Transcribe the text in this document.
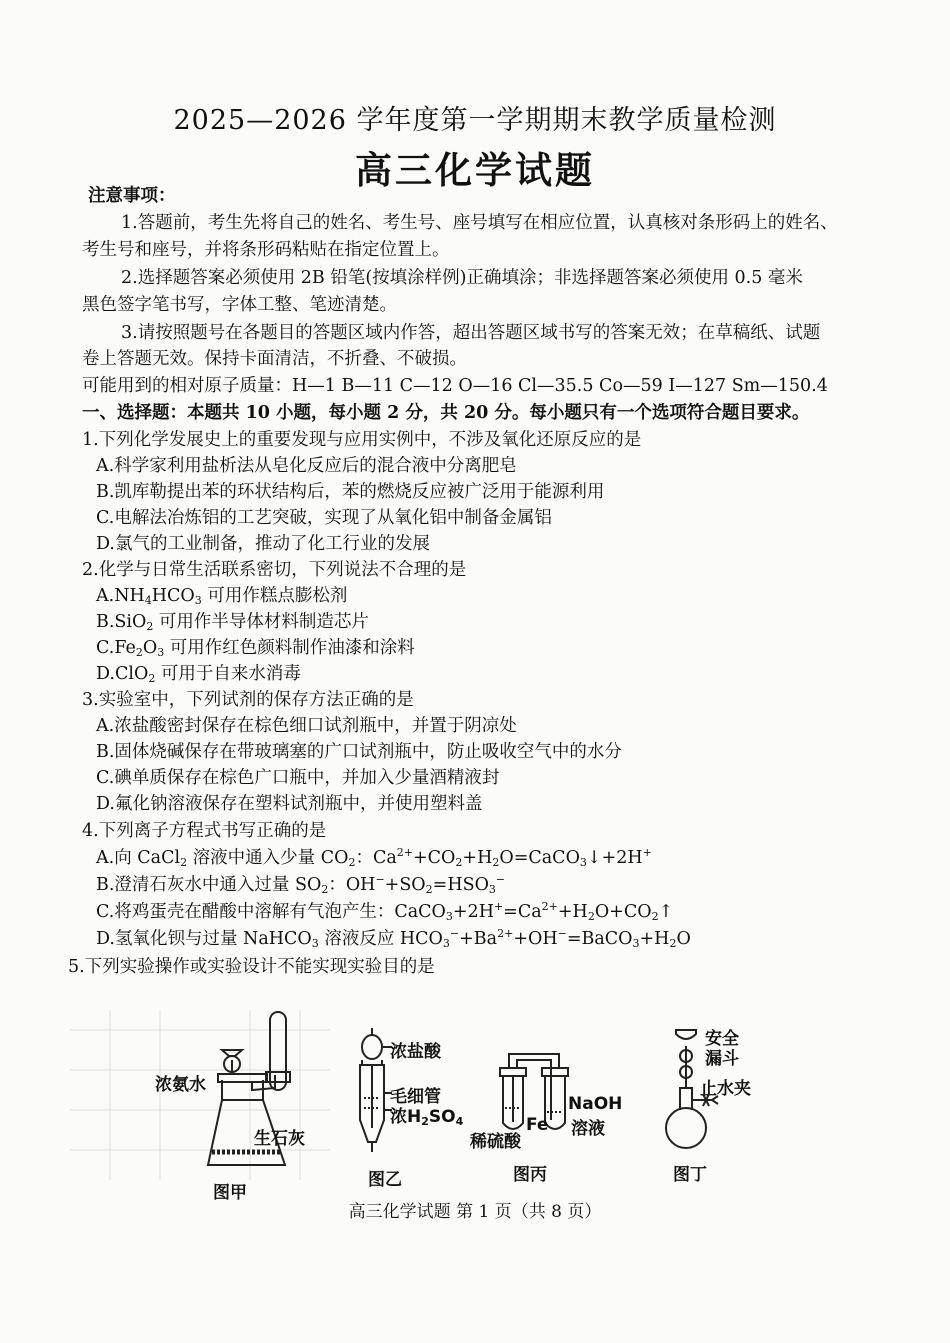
2025—2026 学年度第一学期期末教学质量检测
高三化学试题
注意事项：
1.答题前，考生先将自己的姓名、考生号、座号填写在相应位置，认真核对条形码上的姓名、
考生号和座号，并将条形码粘贴在指定位置上。
2.选择题答案必须使用 2B 铅笔(按填涂样例)正确填涂；非选择题答案必须使用 0.5 毫米
黑色签字笔书写，字体工整、笔迹清楚。
3.请按照题号在各题目的答题区域内作答，超出答题区域书写的答案无效；在草稿纸、试题
卷上答题无效。保持卡面清洁，不折叠、不破损。
可能用到的相对原子质量：H—1 B—11 C—12 O—16 Cl—35.5 Co—59 I—127 Sm—150.4
一、选择题：本题共 10 小题，每小题 2 分，共 20 分。每小题只有一个选项符合题目要求。
1.下列化学发展史上的重要发现与应用实例中，不涉及氧化还原反应的是
A.科学家利用盐析法从皂化反应后的混合液中分离肥皂
B.凯库勒提出苯的环状结构后，苯的燃烧反应被广泛用于能源利用
C.电解法冶炼铝的工艺突破，实现了从氧化铝中制备金属铝
D.氯气的工业制备，推动了化工行业的发展
2.化学与日常生活联系密切，下列说法不合理的是
$A.NH_4HCO_3$ 可用作糕点膨松剂
B.SiO$_2$ 可用作半导体材料制造芯片
$C.Fe_2O_3$ 可用作红色颜料制作油漆和涂料
D.ClO$_2$ 可用于自来水消毒
3.实验室中，下列试剂的保存方法正确的是
A.浓盐酸密封保存在棕色细口试剂瓶中，并置于阴凉处
B.固体烧碱保存在带玻璃塞的广口试剂瓶中，防止吸收空气中的水分
C.碘单质保存在棕色广口瓶中，并加入少量酒精液封
D.氟化钠溶液保存在塑料试剂瓶中，并使用塑料盖
4.下列离子方程式书写正确的是
A.向 CaCl$_2$ 溶液中通入少量 $CO_2$：$Ca^{2+}+CO_2+H_2O=CaCO_3↓+2H^+$
B.澄清石灰水中通入过量 $SO_2$：$OH^-+SO_2=HSO_3^-$
C.将鸡蛋壳在醋酸中溶解有气泡产生：$CaCO_3+2H^+=Ca^{2+}+H_2O+CO_2↑$
D.氢氧化钡与过量 NaHCO$_3$ 溶液反应 $HCO_3^-+Ba^{2+}+OH^-=BaCO_3+H_2O$
5.下列实验操作或实验设计不能实现实验目的是
浓氨水
生石灰
图甲
浓盐酸
毛细管
浓$H_2SO_4$
图乙
NaOH
溶液
稀硫酸
Fe
图丙
安全
漏斗
止水夹
图丁
高三化学试题 第 1 页（共 8 页）
